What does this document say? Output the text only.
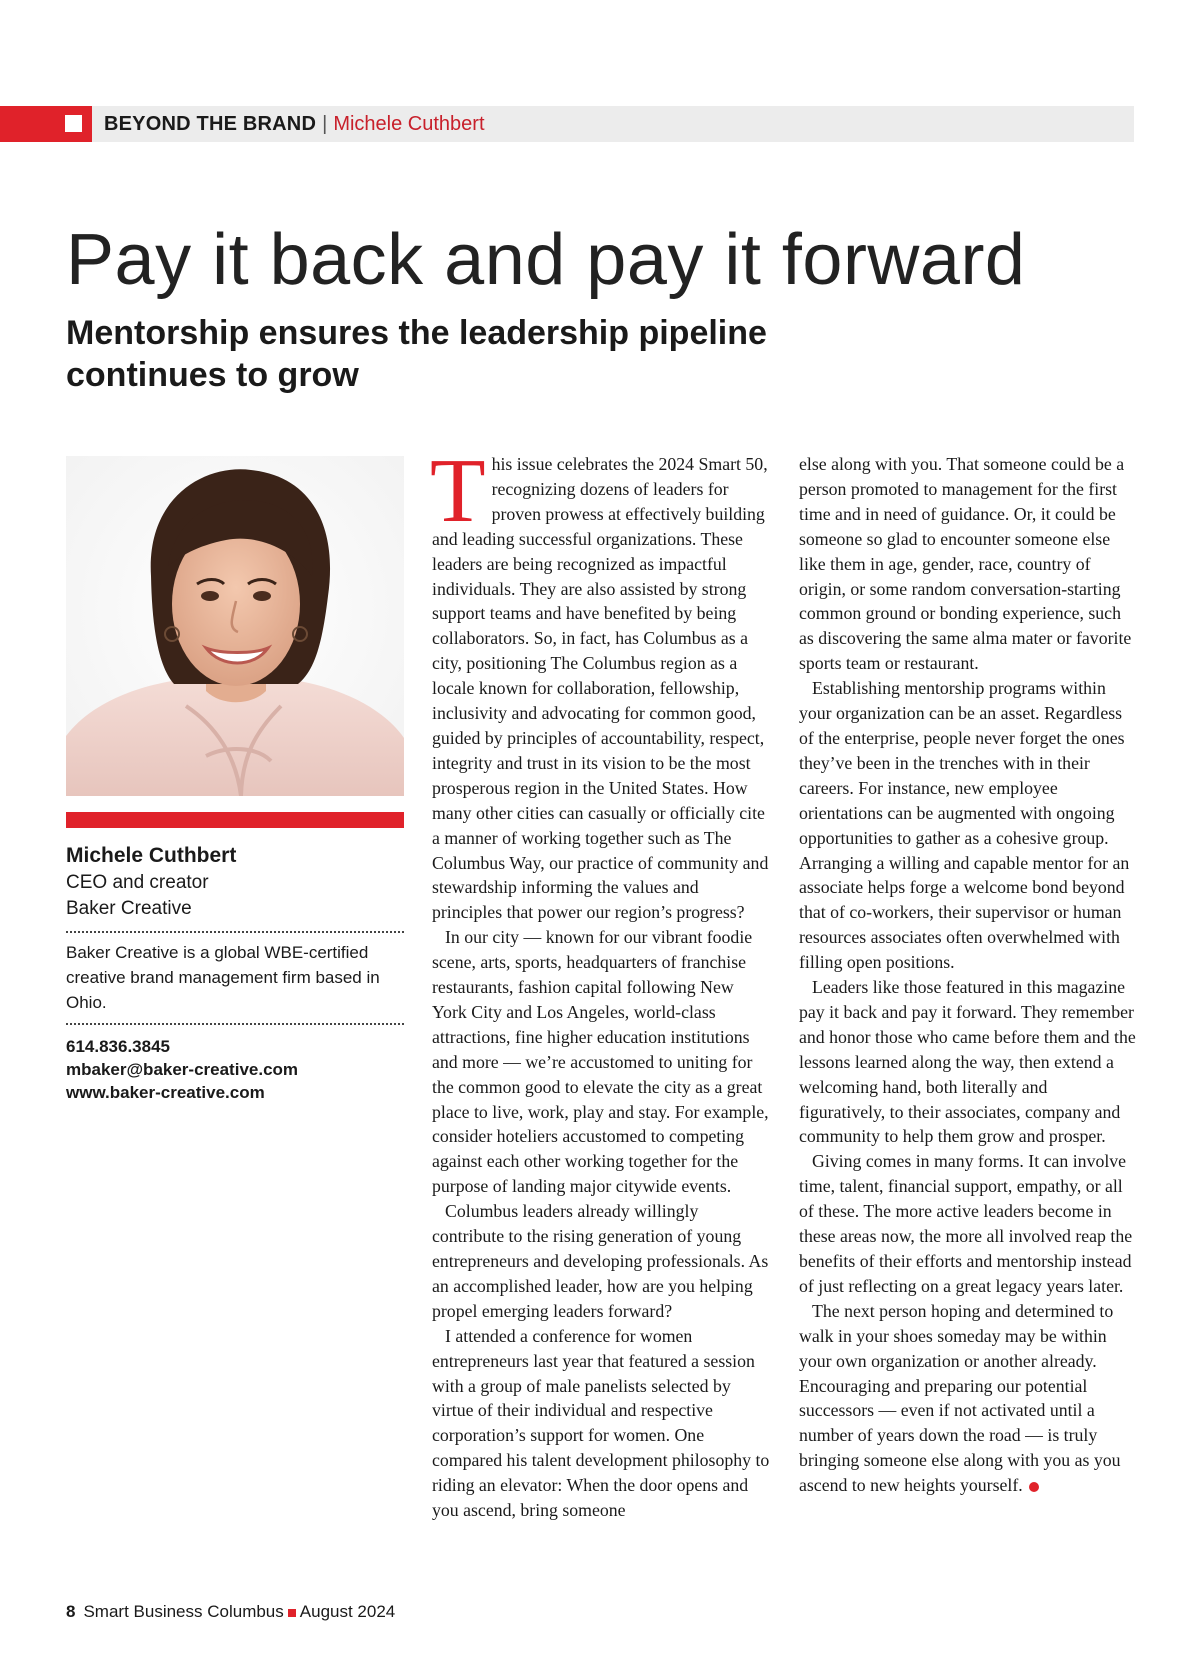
BEYOND THE BRAND | Michele Cuthbert
Pay it back and pay it forward
Mentorship ensures the leadership pipeline continues to grow
Michele Cuthbert
CEO and creator
Baker Creative

Baker Creative is a global WBE-certified creative brand management firm based in Ohio.

614.836.3845
mbaker@baker-creative.com
www.baker-creative.com

This issue celebrates the 2024 Smart 50, recognizing dozens of leaders for proven prowess at effectively building and leading successful organizations. These leaders are being recognized as impactful individuals. They are also assisted by strong support teams and have benefited by being collaborators. So, in fact, has Columbus as a city, positioning The Columbus region as a locale known for collaboration, fellowship, inclusivity and advocating for common good, guided by principles of accountability, respect, integrity and trust in its vision to be the most prosperous region in the United States. How many other cities can casually or officially cite a manner of working together such as The Columbus Way, our practice of community and stewardship informing the values and principles that power our region’s progress?

In our city — known for our vibrant foodie scene, arts, sports, headquarters of franchise restaurants, fashion capital following New York City and Los Angeles, world-class attractions, fine higher education institutions and more — we’re accustomed to uniting for the common good to elevate the city as a great place to live, work, play and stay. For example, consider hoteliers accustomed to competing against each other working together for the purpose of landing major citywide events.

Columbus leaders already willingly contribute to the rising generation of young entrepreneurs and developing professionals. As an accomplished leader, how are you helping propel emerging leaders forward?

I attended a conference for women entrepreneurs last year that featured a session with a group of male panelists selected by virtue of their individual and respective corporation’s support for women. One compared his talent development philosophy to riding an elevator: When the door opens and you ascend, bring someone

else along with you. That someone could be a person promoted to management for the first time and in need of guidance. Or, it could be someone so glad to encounter someone else like them in age, gender, race, country of origin, or some random conversation-starting common ground or bonding experience, such as discovering the same alma mater or favorite sports team or restaurant.

Establishing mentorship programs within your organization can be an asset. Regardless of the enterprise, people never forget the ones they’ve been in the trenches with in their careers. For instance, new employee orientations can be augmented with ongoing opportunities to gather as a cohesive group. Arranging a willing and capable mentor for an associate helps forge a welcome bond beyond that of co-workers, their supervisor or human resources associates often overwhelmed with filling open positions.

Leaders like those featured in this magazine pay it back and pay it forward. They remember and honor those who came before them and the lessons learned along the way, then extend a welcoming hand, both literally and figuratively, to their associates, company and community to help them grow and prosper.

Giving comes in many forms. It can involve time, talent, financial support, empathy, or all of these. The more active leaders become in these areas now, the more all involved reap the benefits of their efforts and mentorship instead of just reflecting on a great legacy years later.

The next person hoping and determined to walk in your shoes someday may be within your own organization or another already. Encouraging and preparing our potential successors — even if not activated until a number of years down the road — is truly bringing someone else along with you as you ascend to new heights yourself.

8 Smart Business Columbus August 2024
